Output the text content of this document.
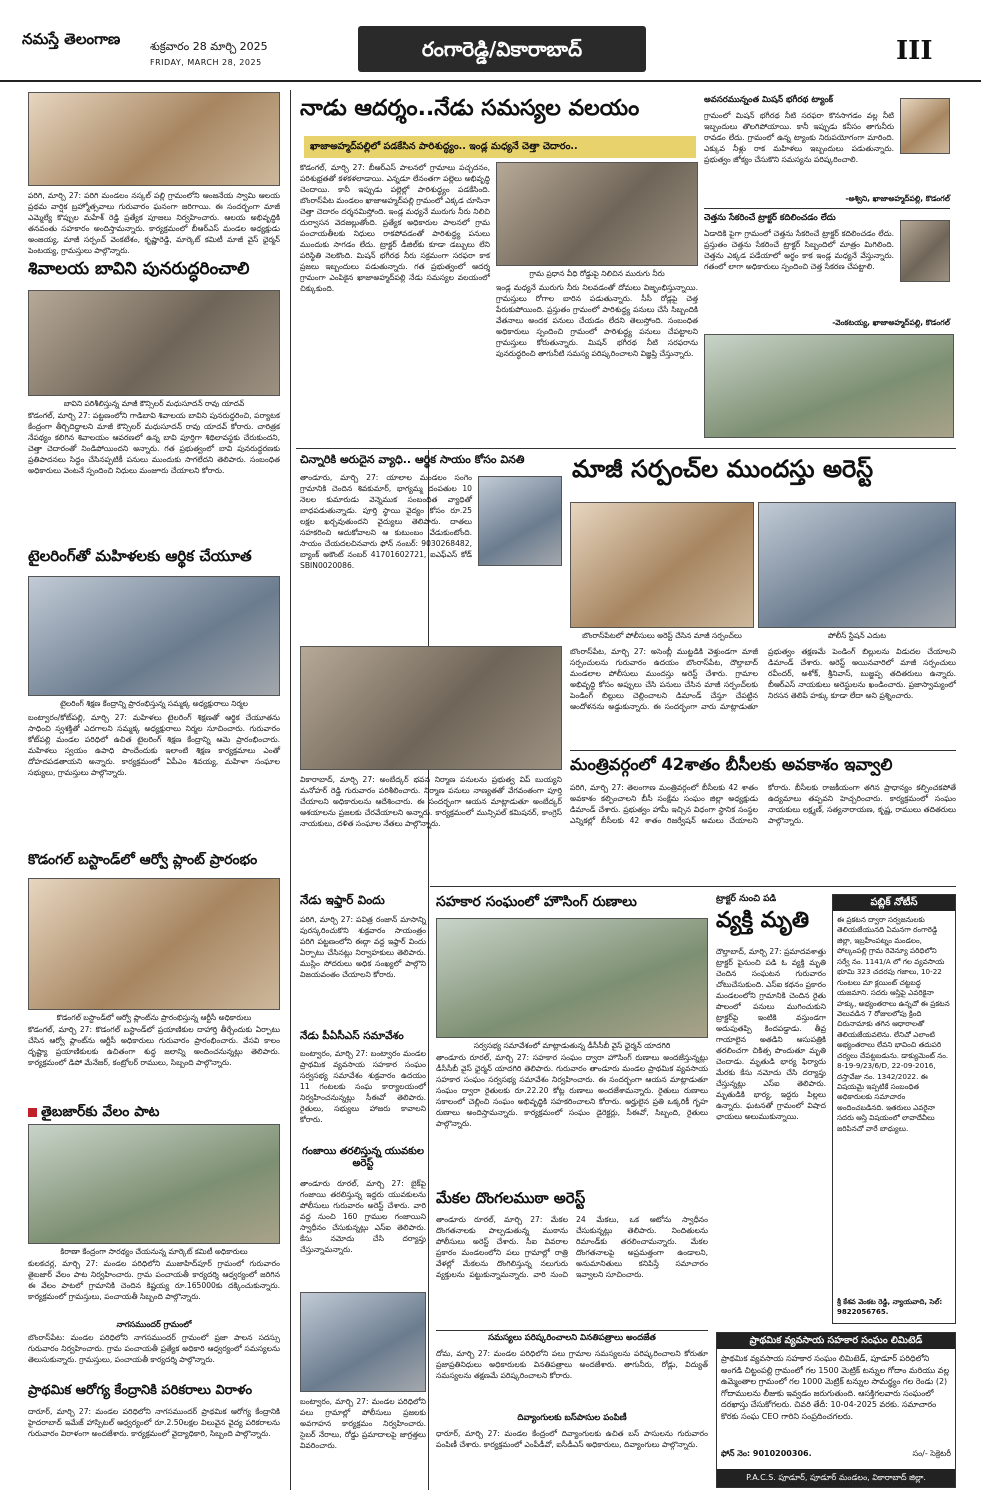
నమస్తే తెలంగాణ	శుక్రవారం 28 మార్చి 2025
FRIDAY, MARCH 28, 2025
రంగారెడ్డి/వికారాబాద్	III
పరిగి, మార్చి 27: పరిగి మండలం నస్కల్ పల్లి గ్రామంలోని ఆంజనేయ స్వామి ఆలయ ప్రథమ వార్షిక బ్రహ్మోత్సవాలు గురువారం ఘనంగా జరిగాయి. ఈ సందర్భంగా మాజీ ఎమ్మెల్యే కొప్పుల మహేశ్ రెడ్డి ప్రత్యేక పూజలు నిర్వహించారు. ఆలయ అభివృద్ధికి తనవంతు సహకారం అందిస్తామన్నారు. కార్యక్రమంలో బీఆర్ఎస్ మండల అధ్యక్షుడు అంజయ్య, మాజీ సర్పంచ్ వెంకటేశం, కృష్ణారెడ్డి, మార్కెట్ కమిటీ మాజీ వైస్ ఛైర్మన్ పెంటయ్య, గ్రామస్తులు పాల్గొన్నారు.
శివాలయ బావిని పునరుద్ధరించాలి
బావిని పరిశీలిస్తున్న మాజీ కౌన్సిలర్ మధుసూదన్ రావు యాదవ్
కొడంగల్, మార్చి 27: పట్టణంలోని గాడిబావి శివాలయ బావిని పునరుద్ధరించి, పర్యాటక కేంద్రంగా తీర్చిదిద్దాలని మాజీ కౌన్సిలర్ మధుసూదన్ రావు యాదవ్ కోరారు. చారిత్రక నేపథ్యం కలిగిన శివాలయం ఆవరణలో ఉన్న బావి పూర్తిగా శిథిలావస్థకు చేరుకుందని, చెత్తా చెదారంతో నిండిపోయిందని అన్నారు. గత ప్రభుత్వంలో బావి పునరుద్ధరణకు ప్రతిపాదనలు సిద్ధం చేసినప్పటికీ పనులు ముందుకు సాగలేదని తెలిపారు. సంబంధిత అధికారులు వెంటనే స్పందించి నిధులు మంజూరు చేయాలని కోరారు.
టైలరింగ్‌తో మహిళలకు ఆర్థిక చేయూత
టైలరింగ్ శిక్షణ కేంద్రాన్ని ప్రారంభిస్తున్న సమ్మక్క అధ్యక్షురాలు నిర్మల
బంట్వారం/కోట్‌పల్లి, మార్చి 27: మహిళలు టైలరింగ్ శిక్షణతో ఆర్థిక చేయూతను సాధించి స్వశక్తితో ఎదగాలని సమ్మక్క అధ్యక్షురాలు నిర్మల సూచించారు. గురువారం కోట్‌పల్లి మండల పరిధిలో ఉచిత టైలరింగ్ శిక్షణ కేంద్రాన్ని ఆమె ప్రారంభించారు. మహిళలు స్వయం ఉపాధి పొందేందుకు ఇలాంటి శిక్షణ కార్యక్రమాలు ఎంతో దోహదపడతాయని అన్నారు. కార్యక్రమంలో ఏపీఎం శివయ్య, మహిళా సంఘాల సభ్యులు, గ్రామస్తులు పాల్గొన్నారు.
కొడంగల్ బస్టాండ్‌లో ఆర్వో ప్లాంట్ ప్రారంభం
కొడంగల్ బస్టాండ్‌లో ఆర్వో ప్లాంట్‌ను ప్రారంభిస్తున్న ఆర్టీసీ అధికారులు
కొడంగల్, మార్చి 27: కొడంగల్ బస్టాండ్‌లో ప్రయాణికుల దాహార్తి తీర్చేందుకు ఏర్పాటు చేసిన ఆర్వో ప్లాంట్‌ను ఆర్టీసీ అధికారులు గురువారం ప్రారంభించారు. వేసవి కాలం దృష్ట్యా ప్రయాణికులకు ఉచితంగా శుద్ధ జలాన్ని అందించనున్నట్లు తెలిపారు. కార్యక్రమంలో డిపో మేనేజర్, కంట్రోలర్ రాములు, సిబ్బంది పాల్గొన్నారు.
తైబజార్‌కు వేలం పాట
కిరాణా కేంద్రంగా సారథ్యం చేయనున్న మార్కెట్ కమిటీ అధికారులు
కులకచర్ల, మార్చి 27: మండల పరిధిలోని ముజాహిద్‌పూర్ గ్రామంలో గురువారం తైబజార్ వేలం పాట నిర్వహించారు. గ్రామ పంచాయతీ కార్యదర్శి ఆధ్వర్యంలో జరిగిన ఈ వేలం పాటలో గ్రామానికి చెందిన కిష్టయ్య రూ.165000కు దక్కించుకున్నారు. కార్యక్రమంలో గ్రామస్తులు, పంచాయతీ సిబ్బంది పాల్గొన్నారు.
నాగసముందర్ గ్రామంలో
బొంరాస్‌పేట: మండల పరిధిలోని నాగసముందర్ గ్రామంలో ప్రజా పాలన సదస్సు గురువారం నిర్వహించారు. గ్రామ పంచాయతీ ప్రత్యేక అధికారి ఆధ్వర్యంలో సమస్యలను తెలుసుకున్నారు. గ్రామస్తులు, పంచాయతీ కార్యదర్శి పాల్గొన్నారు.
ప్రాథమిక ఆరోగ్య కేంద్రానికి పరికరాలు విరాళం
దారూర్, మార్చి 27: మండల పరిధిలోని నాగసముందర్ ప్రాథమిక ఆరోగ్య కేంద్రానికి హైదరాబాద్ ఇమేజ్ హాస్పిటల్ ఆధ్వర్యంలో రూ.2.50లక్షల విలువైన వైద్య పరికరాలను గురువారం విరాళంగా అందజేశారు. కార్యక్రమంలో వైద్యాధికారి, సిబ్బంది పాల్గొన్నారు.
నాడు ఆదర్శం..నేడు సమస్యల వలయం
ఖాజాఅహ్మద్‌పల్లిలో పడకేసిన పారిశుద్ధ్యం.. ఇండ్ల మధ్యనే చెత్తా చెదారం..
కొడంగల్, మార్చి 27: బీఆర్ఎస్ పాలనలో గ్రామాలు పచ్చదనం, పరిశుభ్రతతో కళకళలాడాయి. ఎన్నడూ లేనంతగా పల్లెలు అభివృద్ధి చెందాయి. కానీ ఇప్పుడు పల్లెల్లో పారిశుద్ధ్యం పడకేసింది. బొంరాస్‌పేట మండలం ఖాజాఅహ్మద్‌పల్లి గ్రామంలో ఎక్కడ చూసినా చెత్తా చెదారం దర్శనమిస్తోంది. ఇండ్ల మధ్యనే మురుగు నీరు నిలిచి దుర్వాసన వెదజల్లుతోంది. ప్రత్యేక అధికారుల పాలనలో గ్రామ పంచాయతీలకు నిధులు రాకపోవడంతో పారిశుద్ధ్య పనులు ముందుకు సాగడం లేదు. ట్రాక్టర్ డీజిల్‌కు కూడా డబ్బులు లేని పరిస్థితి నెలకొంది. మిషన్ భగీరథ నీరు సక్రమంగా సరఫరా కాక ప్రజలు ఇబ్బందులు పడుతున్నారు. గత ప్రభుత్వంలో ఆదర్శ గ్రామంగా ఎంపికైన ఖాజాఅహ్మద్‌పల్లి నేడు సమస్యల వలయంలో చిక్కుకుంది.
గ్రామ ప్రధాన వీధి రోడ్డుపై నిలిచిన మురుగు నీరు
ఇండ్ల మధ్యనే మురుగు నీరు నిలవడంతో దోమలు విజృంభిస్తున్నాయి. గ్రామస్తులు రోగాల బారిన పడుతున్నారు. సీసీ రోడ్లపై చెత్త పేరుకుపోయింది. ప్రస్తుతం గ్రామంలో పారిశుద్ధ్య పనులు చేసే సిబ్బందికి వేతనాలు అందక పనులు చేయడం లేదని తెలుస్తోంది. సంబంధిత అధికారులు స్పందించి గ్రామంలో పారిశుద్ధ్య పనులు చేపట్టాలని గ్రామస్తులు కోరుతున్నారు. మిషన్ భగీరథ నీటి సరఫరాను పునరుద్ధరించి తాగునీటి సమస్య పరిష్కరించాలని విజ్ఞప్తి చేస్తున్నారు.
అవసరమున్నంత మిషన్ భగీరథ ట్యాంక్
గ్రామంలో మిషన్ భగీరథ నీటి సరఫరా కొనసాగడం వల్ల నీటి ఇబ్బందులు తొలగిపోయాయి. కానీ ఇప్పుడు కనీసం తాగునీరు రావడం లేదు. గ్రామంలో ఉన్న ట్యాంకు నిరుపయోగంగా మారింది. ఎక్కువ నీళ్లు రాక మహిళలు ఇబ్బందులు పడుతున్నారు. ప్రభుత్వం జోక్యం చేసుకొని సమస్యను పరిష్కరించాలి.
-అశ్విని, ఖాజాఅహ్మద్‌పల్లి, కొడంగల్
చెత్తను సేకరించే ట్రాక్టర్ కదిలించడం లేదు
ఏడాదికి పైగా గ్రామంలో చెత్తను సేకరించే ట్రాక్టర్ కదిలించడం లేదు. ప్రస్తుతం చెత్తను సేకరించే ట్రాక్టర్ సిబ్బందిలో మాత్రం మిగిలింది. చెత్తను ఎక్కడ పడేయాలో అర్థం కాక ఇండ్ల మధ్యనే వేస్తున్నారు. గతంలో లాగా అధికారులు స్పందించి చెత్త సేకరణ చేపట్టాలి.
-వెంకటయ్య, ఖాజాఅహ్మద్‌పల్లి, కొడంగల్
చిన్నారికి అరుదైన వ్యాధి.. ఆర్థిక సాయం కోసం వినతి
తాండూరు, మార్చి 27: యాలాల మండలం సంగెం గ్రామానికి చెందిన శివకుమార్, భాగ్యమ్మ దంపతుల 10 నెలల కుమారుడు వెన్నెముక సంబంధిత వ్యాధితో బాధపడుతున్నాడు. పూర్తి స్థాయి వైద్యం కోసం రూ.25 లక్షల ఖర్చవుతుందని వైద్యులు తెలిపారు. దాతలు సహకరించి ఆదుకోవాలని ఆ కుటుంబం వేడుకుంటోంది. సాయం చేయదలచినవారు ఫోన్ నంబర్: 9030268482, బ్యాంక్ అకౌంట్ నంబర్ 41701602721, ఐఎఫ్ఎస్ కోడ్ SBIN0020086.
వికారాబాద్, మార్చి 27: అంబేద్కర్ భవన నిర్మాణ పనులను ప్రభుత్వ విప్ బుయ్యని మనోహర్ రెడ్డి గురువారం పరిశీలించారు. నిర్మాణ పనులు నాణ్యతతో వేగవంతంగా పూర్తి చేయాలని అధికారులను ఆదేశించారు. ఈ సందర్భంగా ఆయన మాట్లాడుతూ అంబేద్కర్ ఆశయాలను ప్రజలకు చేరవేయాలని అన్నారు. కార్యక్రమంలో మున్సిపల్ కమిషనర్, కాంగ్రెస్ నాయకులు, దళిత సంఘాల నేతలు పాల్గొన్నారు.
నేడు ఇఫ్తార్ విందు
పరిగి, మార్చి 27: పవిత్ర రంజాన్ మాసాన్ని పురస్కరించుకొని శుక్రవారం సాయంత్రం పరిగి పట్టణంలోని ఈద్గా వద్ద ఇఫ్తార్ విందు ఏర్పాటు చేసినట్లు నిర్వాహకులు తెలిపారు. ముస్లిం సోదరులు అధిక సంఖ్యలో పాల్గొని విజయవంతం చేయాలని కోరారు.
నేడు పీఏసీఎస్ సమావేశం
బంట్వారం, మార్చి 27: బంట్వారం మండల ప్రాథమిక వ్యవసాయ సహకార సంఘం సర్వసభ్య సమావేశం శుక్రవారం ఉదయం 11 గంటలకు సంఘ కార్యాలయంలో నిర్వహించనున్నట్లు సీఈవో తెలిపారు. రైతులు, సభ్యులు హాజరు కావాలని కోరారు.
గంజాయి తరలిస్తున్న యువకుల అరెస్ట్
తాండూరు రూరల్, మార్చి 27: బైక్‌పై గంజాయి తరలిస్తున్న ఇద్దరు యువకులను పోలీసులు గురువారం అరెస్ట్ చేశారు. వారి వద్ద నుంచి 160 గ్రాముల గంజాయిని స్వాధీనం చేసుకున్నట్లు ఎస్ఐ తెలిపారు. కేసు నమోదు చేసి దర్యాప్తు చేస్తున్నామన్నారు.
బంట్వారం, మార్చి 27: మండల పరిధిలోని పలు గ్రామాల్లో పోలీసులు ప్రజలకు అవగాహన కార్యక్రమం నిర్వహించారు. సైబర్ నేరాలు, రోడ్డు ప్రమాదాలపై జాగ్రత్తలు వివరించారు.
మాజీ సర్పంచ్‌ల ముందస్తు అరెస్ట్
బొంరాస్‌పేటలో పోలీసులు అరెస్ట్ చేసిన మాజీ సర్పంచ్‌లు	పోలీస్ స్టేషన్ ఎదుట
బొంరాస్‌పేట, మార్చి 27: అసెంబ్లీ ముట్టడికి వెళ్తుండగా మాజీ సర్పంచులను గురువారం ఉదయం బొంరాస్‌పేట, దౌల్తాబాద్ మండలాల పోలీసులు ముందస్తు అరెస్ట్ చేశారు. గ్రామాల అభివృద్ధి కోసం అప్పులు చేసి పనులు చేసిన మాజీ సర్పంచ్‌లకు పెండింగ్ బిల్లులు చెల్లించాలని డిమాండ్ చేస్తూ చేపట్టిన ఆందోళనను అడ్డుకున్నారు. ఈ సందర్భంగా వారు మాట్లాడుతూ ప్రభుత్వం తక్షణమే పెండింగ్ బిల్లులను విడుదల చేయాలని డిమాండ్ చేశారు. అరెస్ట్ అయినవారిలో మాజీ సర్పంచులు రవీందర్, అశోక్, శ్రీనివాస్, బుజ్జప్ప తదితరులు ఉన్నారు. బీఆర్ఎస్ నాయకులు అరెస్టులను ఖండించారు. ప్రజాస్వామ్యంలో నిరసన తెలిపే హక్కు కూడా లేదా అని ప్రశ్నించారు.
మంత్రివర్గంలో 42శాతం బీసీలకు అవకాశం ఇవ్వాలి
పరిగి, మార్చి 27: తెలంగాణ మంత్రివర్గంలో బీసీలకు 42 శాతం అవకాశం కల్పించాలని బీసీ సంక్షేమ సంఘం జిల్లా అధ్యక్షుడు డిమాండ్ చేశారు. ప్రభుత్వం హామీ ఇచ్చిన విధంగా స్థానిక సంస్థల ఎన్నికల్లో బీసీలకు 42 శాతం రిజర్వేషన్ అమలు చేయాలని కోరారు. బీసీలకు రాజకీయంగా తగిన ప్రాధాన్యం కల్పించకపోతే ఉద్యమాలు తప్పవని హెచ్చరించారు. కార్యక్రమంలో సంఘం నాయకులు లక్ష్మణ్, సత్యనారాయణ, కృష్ణ, రాములు తదితరులు పాల్గొన్నారు.
సహకార సంఘంలో హౌసింగ్ రుణాలు
సర్వసభ్య సమావేశంలో మాట్లాడుతున్న డీసీసీబీ వైస్ ఛైర్మన్ యాదగిరి
తాండూరు రూరల్, మార్చి 27: సహకార సంఘం ద్వారా హౌసింగ్ రుణాలు అందజేస్తున్నట్లు డీసీసీబీ వైస్ ఛైర్మన్ యాదగిరి తెలిపారు. గురువారం తాండూరు మండల ప్రాథమిక వ్యవసాయ సహకార సంఘం సర్వసభ్య సమావేశం నిర్వహించారు. ఈ సందర్భంగా ఆయన మాట్లాడుతూ సంఘం ద్వారా రైతులకు రూ.22.20 కోట్ల రుణాలు అందజేశామన్నారు. రైతులు రుణాలు సకాలంలో చెల్లించి సంఘం అభివృద్ధికి సహకరించాలని కోరారు. అర్హులైన ప్రతి ఒక్కరికీ గృహ రుణాలు అందిస్తామన్నారు. కార్యక్రమంలో సంఘం డైరెక్టర్లు, సీఈవో, సిబ్బంది, రైతులు పాల్గొన్నారు.
మేకల దొంగలముఠా అరెస్ట్
తాండూరు రూరల్, మార్చి 27: మేకల దొంగతనాలకు పాల్పడుతున్న ముఠాను పోలీసులు అరెస్ట్ చేశారు. సీఐ వివరాల ప్రకారం మండలంలోని పలు గ్రామాల్లో రాత్రి వేళల్లో మేకలను దొంగిలిస్తున్న నలుగురు వ్యక్తులను పట్టుకున్నామన్నారు. వారి నుంచి 24 మేకలు, ఒక ఆటోను స్వాధీనం చేసుకున్నట్లు తెలిపారు. నిందితులను రిమాండ్‌కు తరలించామన్నారు. మేకల దొంగతనాలపై అప్రమత్తంగా ఉండాలని, అనుమానితులు కనిపిస్తే సమాచారం ఇవ్వాలని సూచించారు.
సమస్యలు పరిష్కరించాలని వినతిపత్రాలు అందజేత
దోమ, మార్చి 27: మండల పరిధిలోని పలు గ్రామాల సమస్యలను పరిష్కరించాలని కోరుతూ ప్రజాప్రతినిధులు అధికారులకు వినతిపత్రాలు అందజేశారు. తాగునీరు, రోడ్లు, విద్యుత్ సమస్యలను తక్షణమే పరిష్కరించాలని కోరారు.
దివ్యాంగులకు బస్‌పాసుల పంపిణీ
ధారూర్, మార్చి 27: మండల కేంద్రంలో దివ్యాంగులకు ఉచిత బస్ పాసులను గురువారం పంపిణీ చేశారు. కార్యక్రమంలో ఎంపీడీవో, ఐసీడీఎస్ అధికారులు, దివ్యాంగులు పాల్గొన్నారు.
ట్రాక్టర్ నుంచి పడి
వ్యక్తి మృతి
దౌల్తాబాద్, మార్చి 27: ప్రమాదవశాత్తు ట్రాక్టర్ పైనుంచి పడి ఓ వ్యక్తి మృతి చెందిన సంఘటన గురువారం చోటుచేసుకుంది. ఎస్ఐ కథనం ప్రకారం మండలంలోని గ్రామానికి చెందిన రైతు పొలంలో పనులు ముగించుకుని ట్రాక్టర్‌పై ఇంటికి వస్తుండగా అదుపుతప్పి కిందపడ్డాడు. తీవ్ర గాయాలైన అతడిని ఆసుపత్రికి తరలించగా చికిత్స పొందుతూ మృతి చెందాడు. మృతుడి భార్య ఫిర్యాదు మేరకు కేసు నమోదు చేసి దర్యాప్తు చేస్తున్నట్లు ఎస్ఐ తెలిపారు. మృతుడికి భార్య, ఇద్దరు పిల్లలు ఉన్నారు. ఘటనతో గ్రామంలో విషాద ఛాయలు అలుముకున్నాయి.
పబ్లిక్ నోటీస్
ఈ ప్రకటన ద్వారా సర్వజనులకు తెలియజేయునది ఏమనగా రంగారెడ్డి జిల్లా, ఇబ్రహీంపట్నం మండలం, పోల్కంపల్లి గ్రామ రెవెన్యూ పరిధిలోని సర్వే నం. 1141/A లో గల వ్యవసాయ భూమి 323 చదరపు గజాలు, 10-22 గుంటలు మా క్లయింట్ చట్టబద్ధ యజమాని. సదరు ఆస్తిపై ఎవరికైనా హక్కు, అభ్యంతరాలు ఉన్నచో ఈ ప్రకటన వెలువడిన 7 రోజులలోపు క్రింది చిరునామాకు తగిన ఆధారాలతో తెలియజేయవలెను. లేనిచో ఎలాంటి అభ్యంతరాలు లేవని భావించి తదుపరి చర్యలు చేపట్టబడును. డాక్యుమెంట్ నం. 8-19-9/23/6/D, 22-09-2016, దస్తావేజు నం. 1342/2022. ఈ విషయమై ఇప్పటికే సంబంధిత అధికారులకు సమాచారం అందించబడినది. ఇతరులు ఎవరైనా సదరు ఆస్తి విషయంలో లావాదేవీలు జరిపినచో వారే బాధ్యులు.
శ్రీ కేశవ వెంకట రెడ్డి, న్యాయవాది, సెల్: 9822056765.
ప్రాథమిక వ్యవసాయ సహకార సంఘం లిమిటెడ్
ప్రాథమిక వ్యవసాయ సహకార సంఘం లిమిటెడ్, పూడూర్ పరిధిలోని అంగడి చిట్టంపల్లి గ్రామంలో గల 1500 మెట్రిక్ టన్నుల గోదాం మరియు వల్ల ఉమ్మెంతాల గ్రామంలో గల 1000 మెట్రిక్ టన్నుల సామర్థ్యం గల రెండు (2) గోదాములను లీజుకు ఇవ్వడం జరుగుతుంది. ఆసక్తిగలవారు సంఘంలో దరఖాస్తు చేసుకోగలరు. చివరి తేదీ: 10-04-2025 వరకు. సమాచారం కొరకు సంఘ CEO గారిని సంప్రదించగలరు.
ఫోన్ నెం: 9010200306.	సం/- సెక్రెటరీ
P.A.C.S. పూడూర్, పూడూర్ మండలం, వికారాబాద్ జిల్లా.
